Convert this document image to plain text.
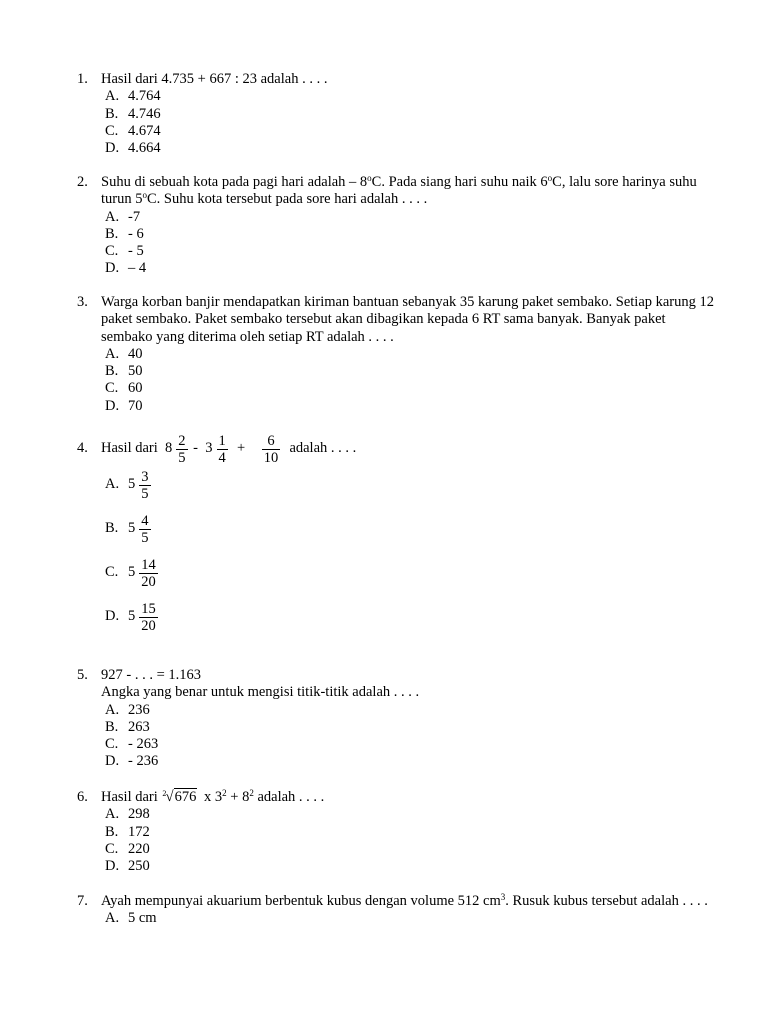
1. Hasil dari 4.735 + 667 : 23 adalah . . . .
A. 4.764
B. 4.746
C. 4.674
D. 4.664
2. Suhu di sebuah kota pada pagi hari adalah – 8$^o$C. Pada siang hari suhu naik 6$^o$C, lalu sore harinya suhu turun 5$^o$C. Suhu kota tersebut pada sore hari adalah . . . .
A. -7
B. - 6
C. - 5
D. – 4
3. Warga korban banjir mendapatkan kiriman bantuan sebanyak 35 karung paket sembako. Setiap karung 12 paket sembako. Paket sembako tersebut akan dibagikan kepada 6 RT sama banyak. Banyak paket sembako yang diterima oleh setiap RT adalah . . . .
A. 40
B. 50
C. 60
D. 70
4. Hasil dari
$8 \frac{2}{5}$
-
$3 \frac{1}{4}$
+
$\frac{6}{10}$
adalah . . . .
A. $5 \frac{3}{5}$
B. $5 \frac{4}{5}$
C. $5 \frac{14}{20}$
D. $5 \frac{15}{20}$
5. 927 - . . . = 1.163
Angka yang benar untuk mengisi titik-titik adalah . . . .
A. 236
B. 263
C. - 263
D. - 236
6. Hasil dari 2 √676 x $3^2 + 8^2$ adalah . . . .
A. 298
B. 172
C. 220
D. 250
7. Ayah mempunyai akuarium berbentuk kubus dengan volume 512 $cm^3$. Rusuk kubus tersebut adalah . . . .
A. 5 cm
